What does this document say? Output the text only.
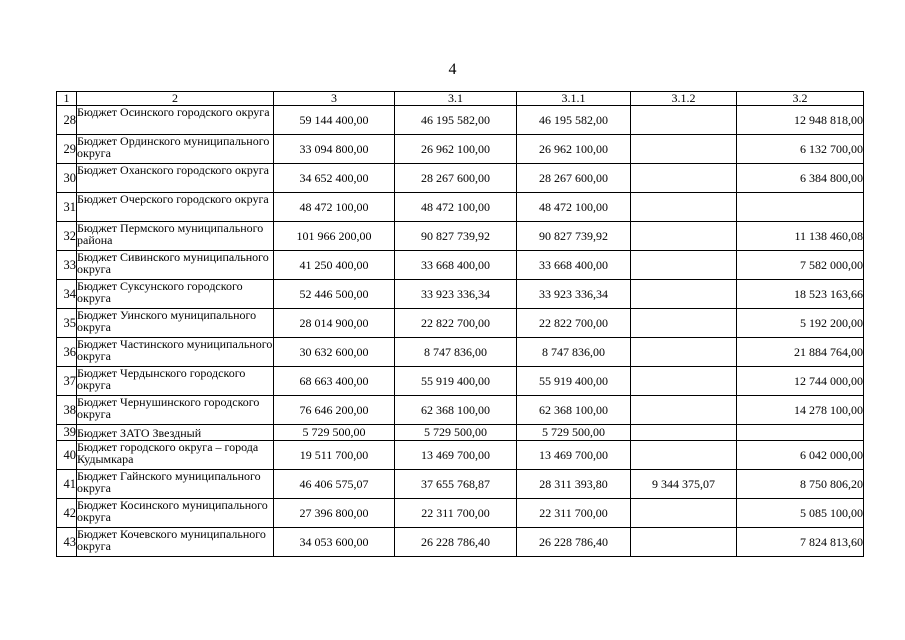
4
1	2	3	3.1	3.1.1	3.1.2	3.2
28	Бюджет Осинского городского округа	59 144 400,00	46 195 582,00	46 195 582,00		12 948 818,00
29	Бюджет Ординского муниципального округа	33 094 800,00	26 962 100,00	26 962 100,00		6 132 700,00
30	Бюджет Оханского городского округа	34 652 400,00	28 267 600,00	28 267 600,00		6 384 800,00
31	Бюджет Очерского городского округа	48 472 100,00	48 472 100,00	48 472 100,00		
32	Бюджет Пермского муниципального района	101 966 200,00	90 827 739,92	90 827 739,92		11 138 460,08
33	Бюджет Сивинского муниципального округа	41 250 400,00	33 668 400,00	33 668 400,00		7 582 000,00
34	Бюджет Суксунского городского округа	52 446 500,00	33 923 336,34	33 923 336,34		18 523 163,66
35	Бюджет Уинского муниципального округа	28 014 900,00	22 822 700,00	22 822 700,00		5 192 200,00
36	Бюджет Частинского муниципального округа	30 632 600,00	8 747 836,00	8 747 836,00		21 884 764,00
37	Бюджет Чердынского городского округа	68 663 400,00	55 919 400,00	55 919 400,00		12 744 000,00
38	Бюджет Чернушинского городского округа	76 646 200,00	62 368 100,00	62 368 100,00		14 278 100,00
39	Бюджет ЗАТО Звездный	5 729 500,00	5 729 500,00	5 729 500,00		
40	Бюджет городского округа – города Кудымкара	19 511 700,00	13 469 700,00	13 469 700,00		6 042 000,00
41	Бюджет Гайнского муниципального округа	46 406 575,07	37 655 768,87	28 311 393,80	9 344 375,07	8 750 806,20
42	Бюджет Косинского муниципального округа	27 396 800,00	22 311 700,00	22 311 700,00		5 085 100,00
43	Бюджет Кочевского муниципального округа	34 053 600,00	26 228 786,40	26 228 786,40		7 824 813,60
